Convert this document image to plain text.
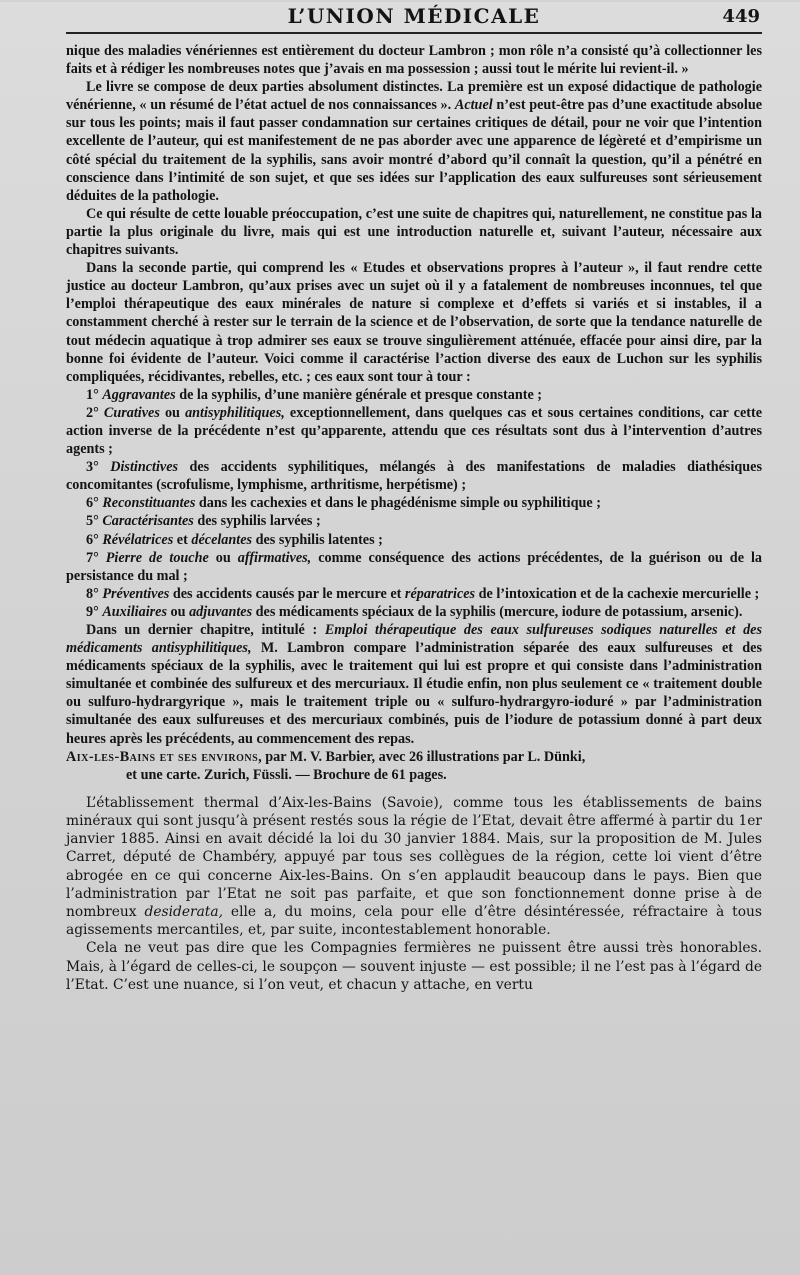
L’UNION MÉDICALE	449

nique des maladies vénériennes est entièrement du docteur Lambron ; mon rôle n’a consisté qu’à collectionner les faits et à rédiger les nombreuses notes que j’avais en ma possession ; aussi tout le mérite lui revient-il. »

Le livre se compose de deux parties absolument distinctes. La première est un exposé didactique de pathologie vénérienne, « un résumé de l’état actuel de nos connaissances ». Actuel n’est peut-être pas d’une exactitude absolue sur tous les points; mais il faut passer condamnation sur certaines critiques de détail, pour ne voir que l’intention excellente de l’auteur, qui est manifestement de ne pas aborder avec une apparence de légèreté et d’empirisme un côté spécial du traitement de la syphilis, sans avoir montré d’abord qu’il connaît la question, qu’il a pénétré en conscience dans l’intimité de son sujet, et que ses idées sur l’application des eaux sulfureuses sont sérieusement déduites de la pathologie.

Ce qui résulte de cette louable préoccupation, c’est une suite de chapitres qui, naturellement, ne constitue pas la partie la plus originale du livre, mais qui est une introduction naturelle et, suivant l’auteur, nécessaire aux chapitres suivants.

Dans la seconde partie, qui comprend les « Etudes et observations propres à l’auteur », il faut rendre cette justice au docteur Lambron, qu’aux prises avec un sujet où il y a fatalement de nombreuses inconnues, tel que l’emploi thérapeutique des eaux minérales de nature si complexe et d’effets si variés et si instables, il a constamment cherché à rester sur le terrain de la science et de l’observation, de sorte que la tendance naturelle de tout médecin aquatique à trop admirer ses eaux se trouve singulièrement atténuée, effacée pour ainsi dire, par la bonne foi évidente de l’auteur. Voici comme il caractérise l’action diverse des eaux de Luchon sur les syphilis compliquées, récidivantes, rebelles, etc. ; ces eaux sont tour à tour :

1° Aggravantes de la syphilis, d’une manière générale et presque constante ;

2° Curatives ou antisyphilitiques, exceptionnellement, dans quelques cas et sous certaines conditions, car cette action inverse de la précédente n’est qu’apparente, attendu que ces résultats sont dus à l’intervention d’autres agents ;

3° Distinctives des accidents syphilitiques, mélangés à des manifestations de maladies diathésiques concomitantes (scrofulisme, lymphisme, arthritisme, herpétisme) ;

6° Reconstituantes dans les cachexies et dans le phagédénisme simple ou syphilitique ;

5° Caractérisantes des syphilis larvées ;

6° Révélatrices et décelantes des syphilis latentes ;

7° Pierre de touche ou affirmatives, comme conséquence des actions précédentes, de la guérison ou de la persistance du mal ;

8° Préventives des accidents causés par le mercure et réparatrices de l’intoxication et de la cachexie mercurielle ;

9° Auxiliaires ou adjuvantes des médicaments spéciaux de la syphilis (mercure, iodure de potassium, arsenic).

Dans un dernier chapitre, intitulé : Emploi thérapeutique des eaux sulfureuses sodiques naturelles et des médicaments antisyphilitiques, M. Lambron compare l’administration séparée des eaux sulfureuses et des médicaments spéciaux de la syphilis, avec le traitement qui lui est propre et qui consiste dans l’administration simultanée et combinée des sulfureux et des mercuriaux. Il étudie enfin, non plus seulement ce « traitement double ou sulfuro-hydrargyrique », mais le traitement triple ou « sulfuro-hydrargyro-ioduré » par l’administration simultanée des eaux sulfureuses et des mercuriaux combinés, puis de l’iodure de potassium donné à part deux heures après les précédents, au commencement des repas.

Aix-les-Bains et ses environs, par M. V. Barbier, avec 26 illustrations par L. Dünki,

et une carte. Zurich, Füssli. — Brochure de 61 pages.

L’établissement thermal d’Aix-les-Bains (Savoie), comme tous les établissements de bains minéraux qui sont jusqu’à présent restés sous la régie de l’Etat, devait être affermé à partir du 1er janvier 1885. Ainsi en avait décidé la loi du 30 janvier 1884. Mais, sur la proposition de M. Jules Carret, député de Chambéry, appuyé par tous ses collègues de la région, cette loi vient d’être abrogée en ce qui concerne Aix-les-Bains. On s’en applaudit beaucoup dans le pays. Bien que l’administration par l’Etat ne soit pas parfaite, et que son fonctionnement donne prise à de nombreux desiderata, elle a, du moins, cela pour elle d’être désintéressée, réfractaire à tous agissements mercantiles, et, par suite, incontestablement honorable.

Cela ne veut pas dire que les Compagnies fermières ne puissent être aussi très honorables. Mais, à l’égard de celles-ci, le soupçon — souvent injuste — est possible; il ne l’est pas à l’égard de l’Etat. C’est une nuance, si l’on veut, et chacun y attache, en vertu
